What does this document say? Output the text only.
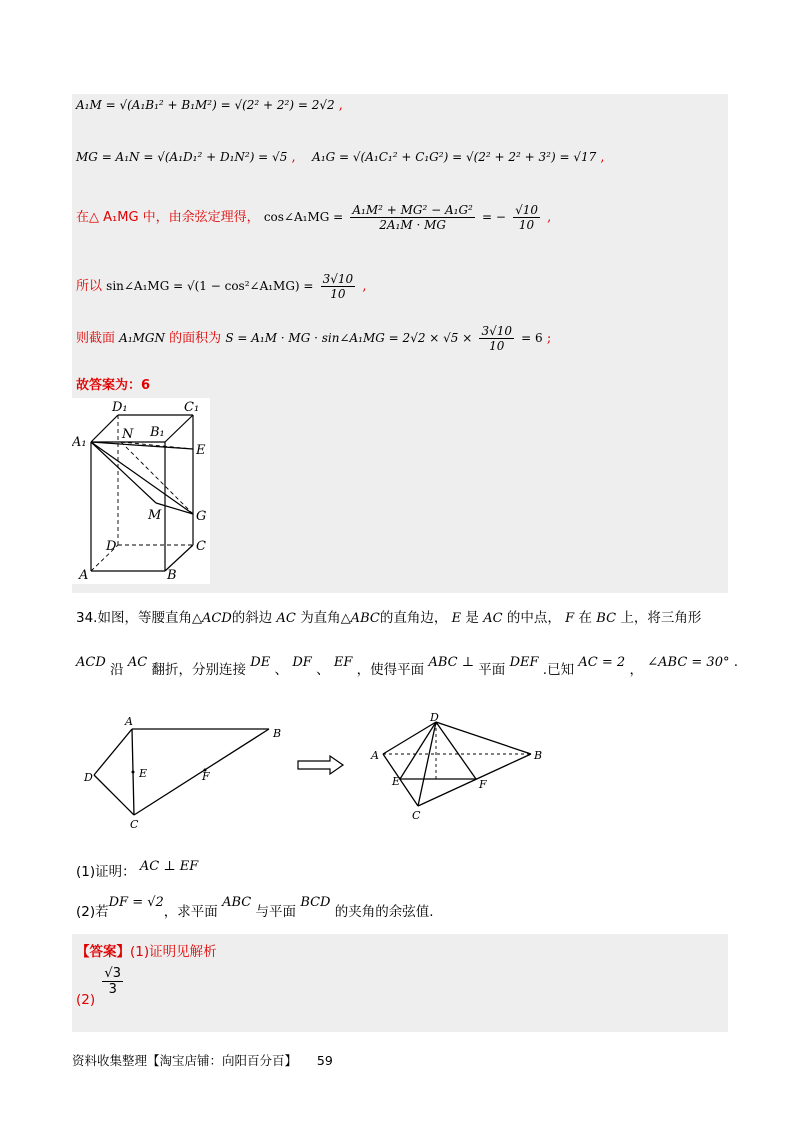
A₁M = √(A₁B₁² + B₁M²) = √(2² + 2²) = 2√2 ,
MG = A₁N = √(A₁D₁² + D₁N²) = √5 , A₁G = √(A₁C₁² + C₁G²) = √(2² + 2² + 3²) = √17 ,
在△ A₁MG 中，由余弦定理得， cos∠A₁MG = $\frac{\text{A₁M² + MG² − A₁G²}}{\text{2A₁M · MG}}$ = − $\frac{√10}{10}$ ,
所以 sin∠A₁MG = √(1 − cos²∠A₁MG) = $\frac{3√10}{10}$ ,
则截面 A₁MGN 的面积为 S = A₁M · MG · sin∠A₁MG = $2√2 \times √5 \times \frac{3√10}{10} = 6$ ;
故答案为：6
D₁	C₁
A₁
N B₁
E
M	G
D	C
A	B
34.如图，等腰直角△ACD的斜边 AC 为直角△ABC的直角边， E 是 AC 的中点， F 在 BC 上，将三角形
ACD 沿 AC 翻折，分别连接 DE 、 DF 、 EF ，使得平面 ABC ⊥ 平面 DEF .已知 AC = 2 ， ∠ABC = 30° .
A
B
C
D	E	F
D
A	B
E	F
C
(1)证明： AC ⊥ EF
(2)若DF = √2，求平面 ABC 与平面 BCD 的夹角的余弦值.
【答案】(1)证明见解析
(2)
$\frac{√3}{3}$
资料收集整理【淘宝店铺：向阳百分百】 59
